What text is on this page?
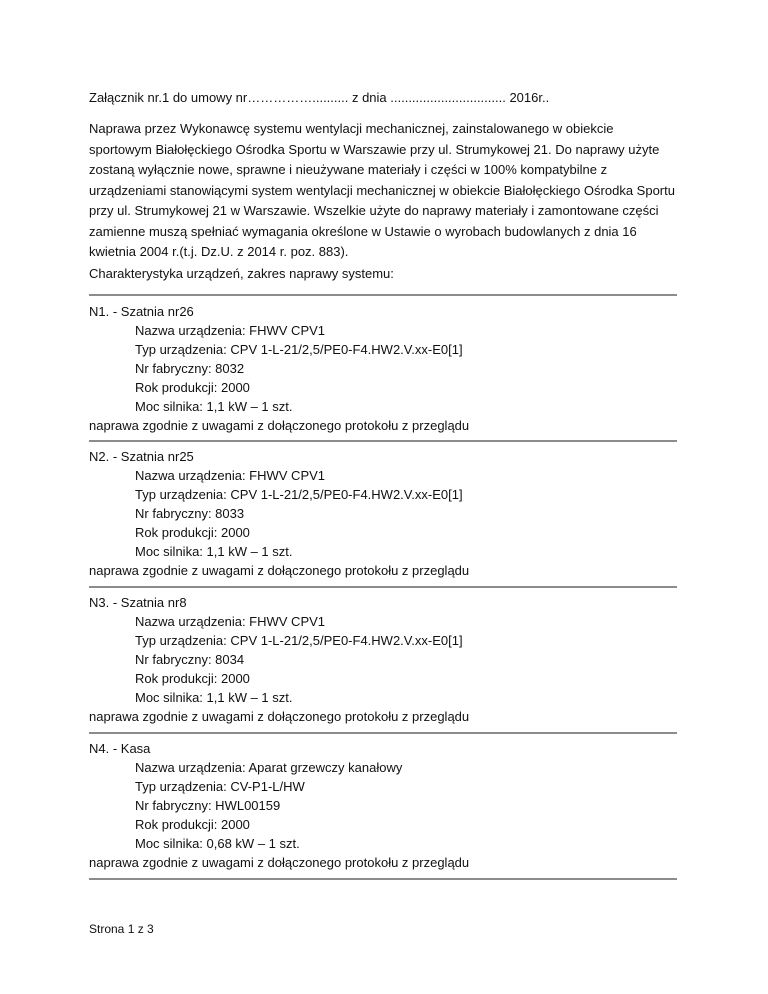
Załącznik nr.1 do umowy nr…………….......... z dnia ................................ 2016r..
Naprawa przez Wykonawcę systemu wentylacji mechanicznej, zainstalowanego w obiekcie
sportowym Białołęckiego Ośrodka Sportu w Warszawie przy ul. Strumykowej 21. Do naprawy użyte
zostaną wyłącznie nowe, sprawne i nieużywane materiały i części w 100% kompatybilne z
urządzeniami stanowiącymi system wentylacji mechanicznej w obiekcie Białołęckiego Ośrodka Sportu
przy ul. Strumykowej 21 w Warszawie. Wszelkie użyte do naprawy materiały i zamontowane części
zamienne muszą spełniać wymagania określone w Ustawie o wyrobach budowlanych z dnia 16
kwietnia 2004 r.(t.j. Dz.U. z 2014 r. poz. 883).
Charakterystyka urządzeń, zakres naprawy systemu:
N1. - Szatnia nr26
Nazwa urządzenia: FHWV CPV1
Typ urządzenia: CPV 1-L-21/2,5/PE0-F4.HW2.V.xx-E0[1]
Nr fabryczny: 8032
Rok produkcji: 2000
Moc silnika: 1,1 kW – 1 szt.
naprawa zgodnie z uwagami z dołączonego protokołu z przeglądu
N2. - Szatnia nr25
Nazwa urządzenia: FHWV CPV1
Typ urządzenia: CPV 1-L-21/2,5/PE0-F4.HW2.V.xx-E0[1]
Nr fabryczny: 8033
Rok produkcji: 2000
Moc silnika: 1,1 kW – 1 szt.
naprawa zgodnie z uwagami z dołączonego protokołu z przeglądu
N3. - Szatnia nr8
Nazwa urządzenia: FHWV CPV1
Typ urządzenia: CPV 1-L-21/2,5/PE0-F4.HW2.V.xx-E0[1]
Nr fabryczny: 8034
Rok produkcji: 2000
Moc silnika: 1,1 kW – 1 szt.
naprawa zgodnie z uwagami z dołączonego protokołu z przeglądu
N4. - Kasa
Nazwa urządzenia: Aparat grzewczy kanałowy
Typ urządzenia: CV-P1-L/HW
Nr fabryczny: HWL00159
Rok produkcji: 2000
Moc silnika: 0,68 kW – 1 szt.
naprawa zgodnie z uwagami z dołączonego protokołu z przeglądu
Strona 1 z 3
